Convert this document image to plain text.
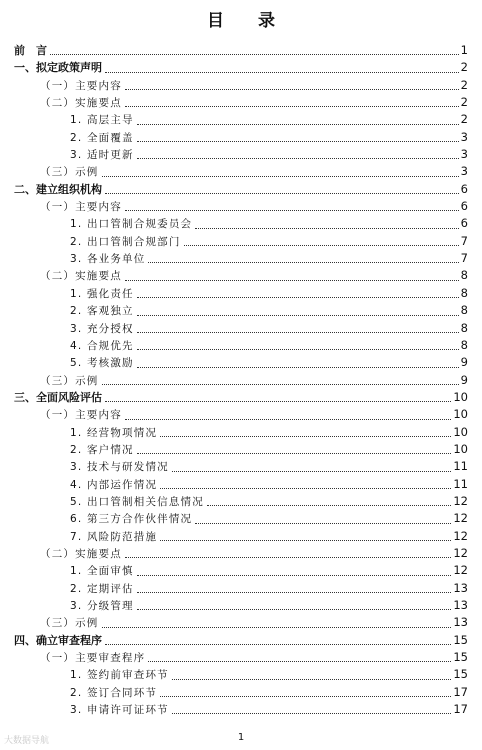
目 录
前　言	1
一、拟定政策声明	2
（一）主要内容	2
（二）实施要点	2
1. 高层主导	2
2. 全面覆盖	3
3. 适时更新	3
（三）示例	3
二、建立组织机构	6
（一）主要内容	6
1. 出口管制合规委员会	6
2. 出口管制合规部门	7
3. 各业务单位	7
（二）实施要点	8
1. 强化责任	8
2. 客观独立	8
3. 充分授权	8
4. 合规优先	8
5. 考核激励	9
（三）示例	9
三、全面风险评估	10
（一）主要内容	10
1. 经营物项情况	10
2. 客户情况	10
3. 技术与研发情况	11
4. 内部运作情况	11
5. 出口管制相关信息情况	12
6. 第三方合作伙伴情况	12
7. 风险防范措施	12
（二）实施要点	12
1. 全面审慎	12
2. 定期评估	13
3. 分级管理	13
（三）示例	13
四、确立审查程序	15
（一）主要审查程序	15
1. 签约前审查环节	15
2. 签订合同环节	17
3. 申请许可证环节	17
1
大数据导航
